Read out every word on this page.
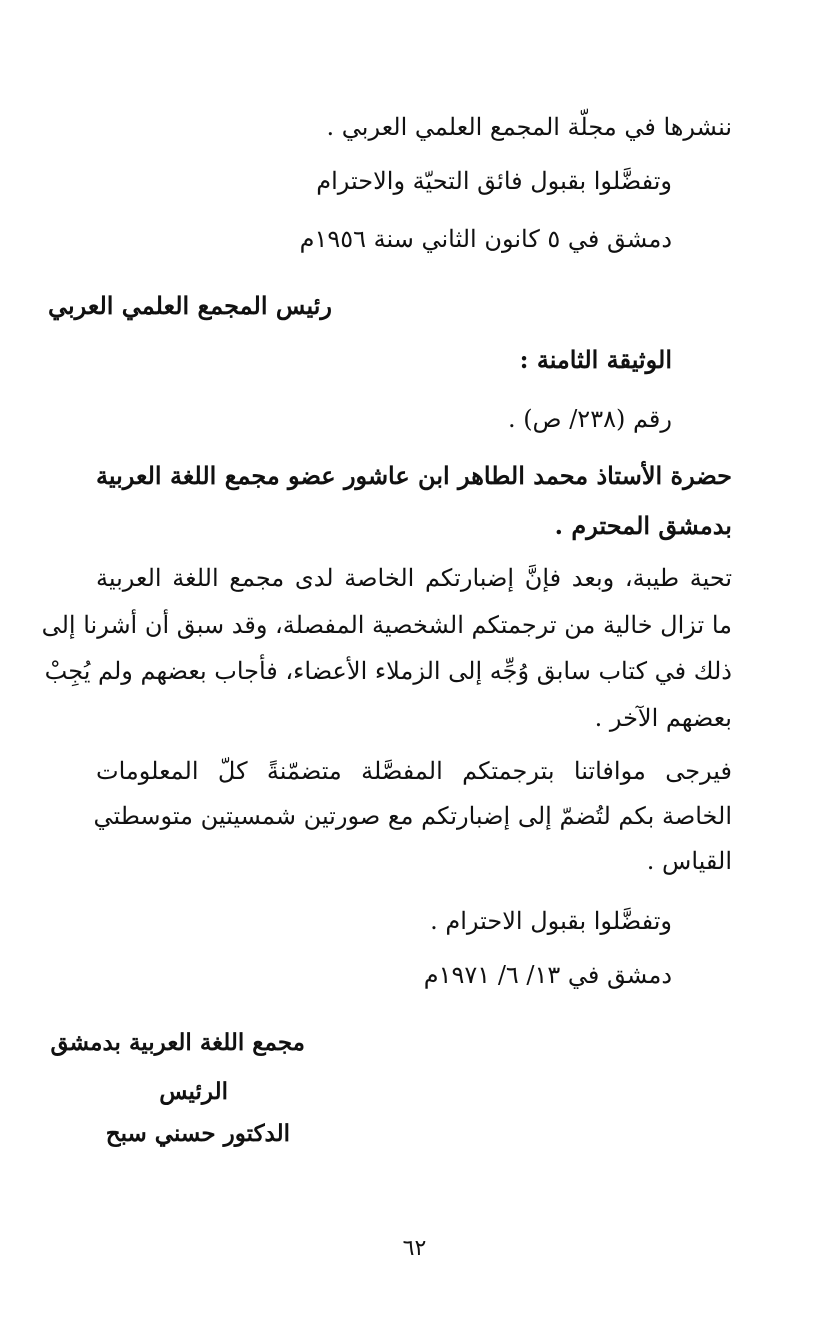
ننشرها في مجلّة المجمع العلمي العربي .
وتفضَّلوا بقبول فائق التحيّة والاحترام
دمشق في ٥ كانون الثاني سنة ١٩٥٦م
رئيس المجمع العلمي العربي
الوثيقة الثامنة :
رقم (٢٣٨/ ص) .
حضرة الأستاذ محمد الطاهر ابن عاشور عضو مجمع اللغة العربية
بدمشق المحترم .
تحية طيبة، وبعد فإنَّ إضبارتكم الخاصة لدى مجمع اللغة العربية
ما تزال خالية من ترجمتكم الشخصية المفصلة، وقد سبق أن أشرنا إلى
ذلك في كتاب سابق وُجِّه إلى الزملاء الأعضاء، فأجاب بعضهم ولم يُجِبْ
بعضهم الآخر .
فيرجى موافاتنا بترجمتكم المفصَّلة متضمّنةً كلّ المعلومات
الخاصة بكم لتُضمّ إلى إضبارتكم مع صورتين شمسيتين متوسطتي
القياس .
وتفضَّلوا بقبول الاحترام .
دمشق في ١٣/ ٦/ ١٩٧١م
مجمع اللغة العربية بدمشق
الرئيس
الدكتور حسني سبح
٦٢
